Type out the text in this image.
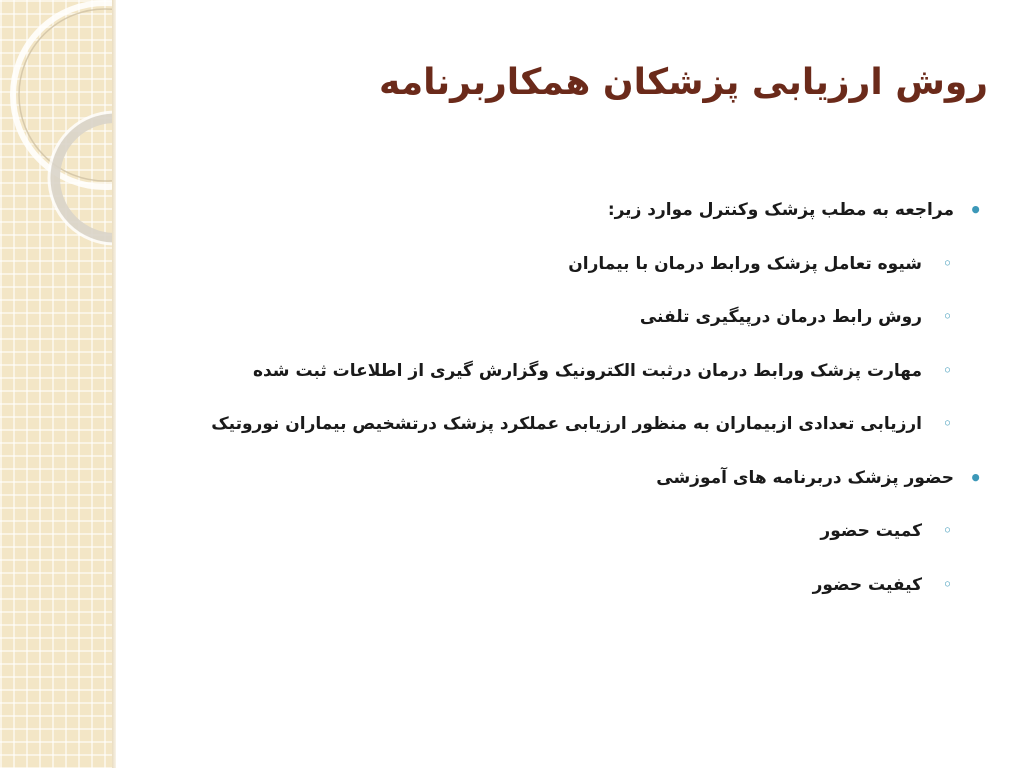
روش ارزیابی پزشکان همکاربرنامه
•
مراجعه به مطب پزشک وکنترل موارد زیر:
◦
شیوه تعامل پزشک ورابط درمان با بیماران
◦
روش رابط درمان درپیگیری تلفنی
◦
مهارت پزشک ورابط درمان درثبت الکترونیک وگزارش گیری از اطلاعات ثبت شده
◦
ارزیابی تعدادی ازبیماران به منظور ارزیابی عملکرد پزشک درتشخیص بیماران نوروتیک
•
حضور پزشک دربرنامه های آموزشی
◦
کمیت حضور
◦
کیفیت حضور
